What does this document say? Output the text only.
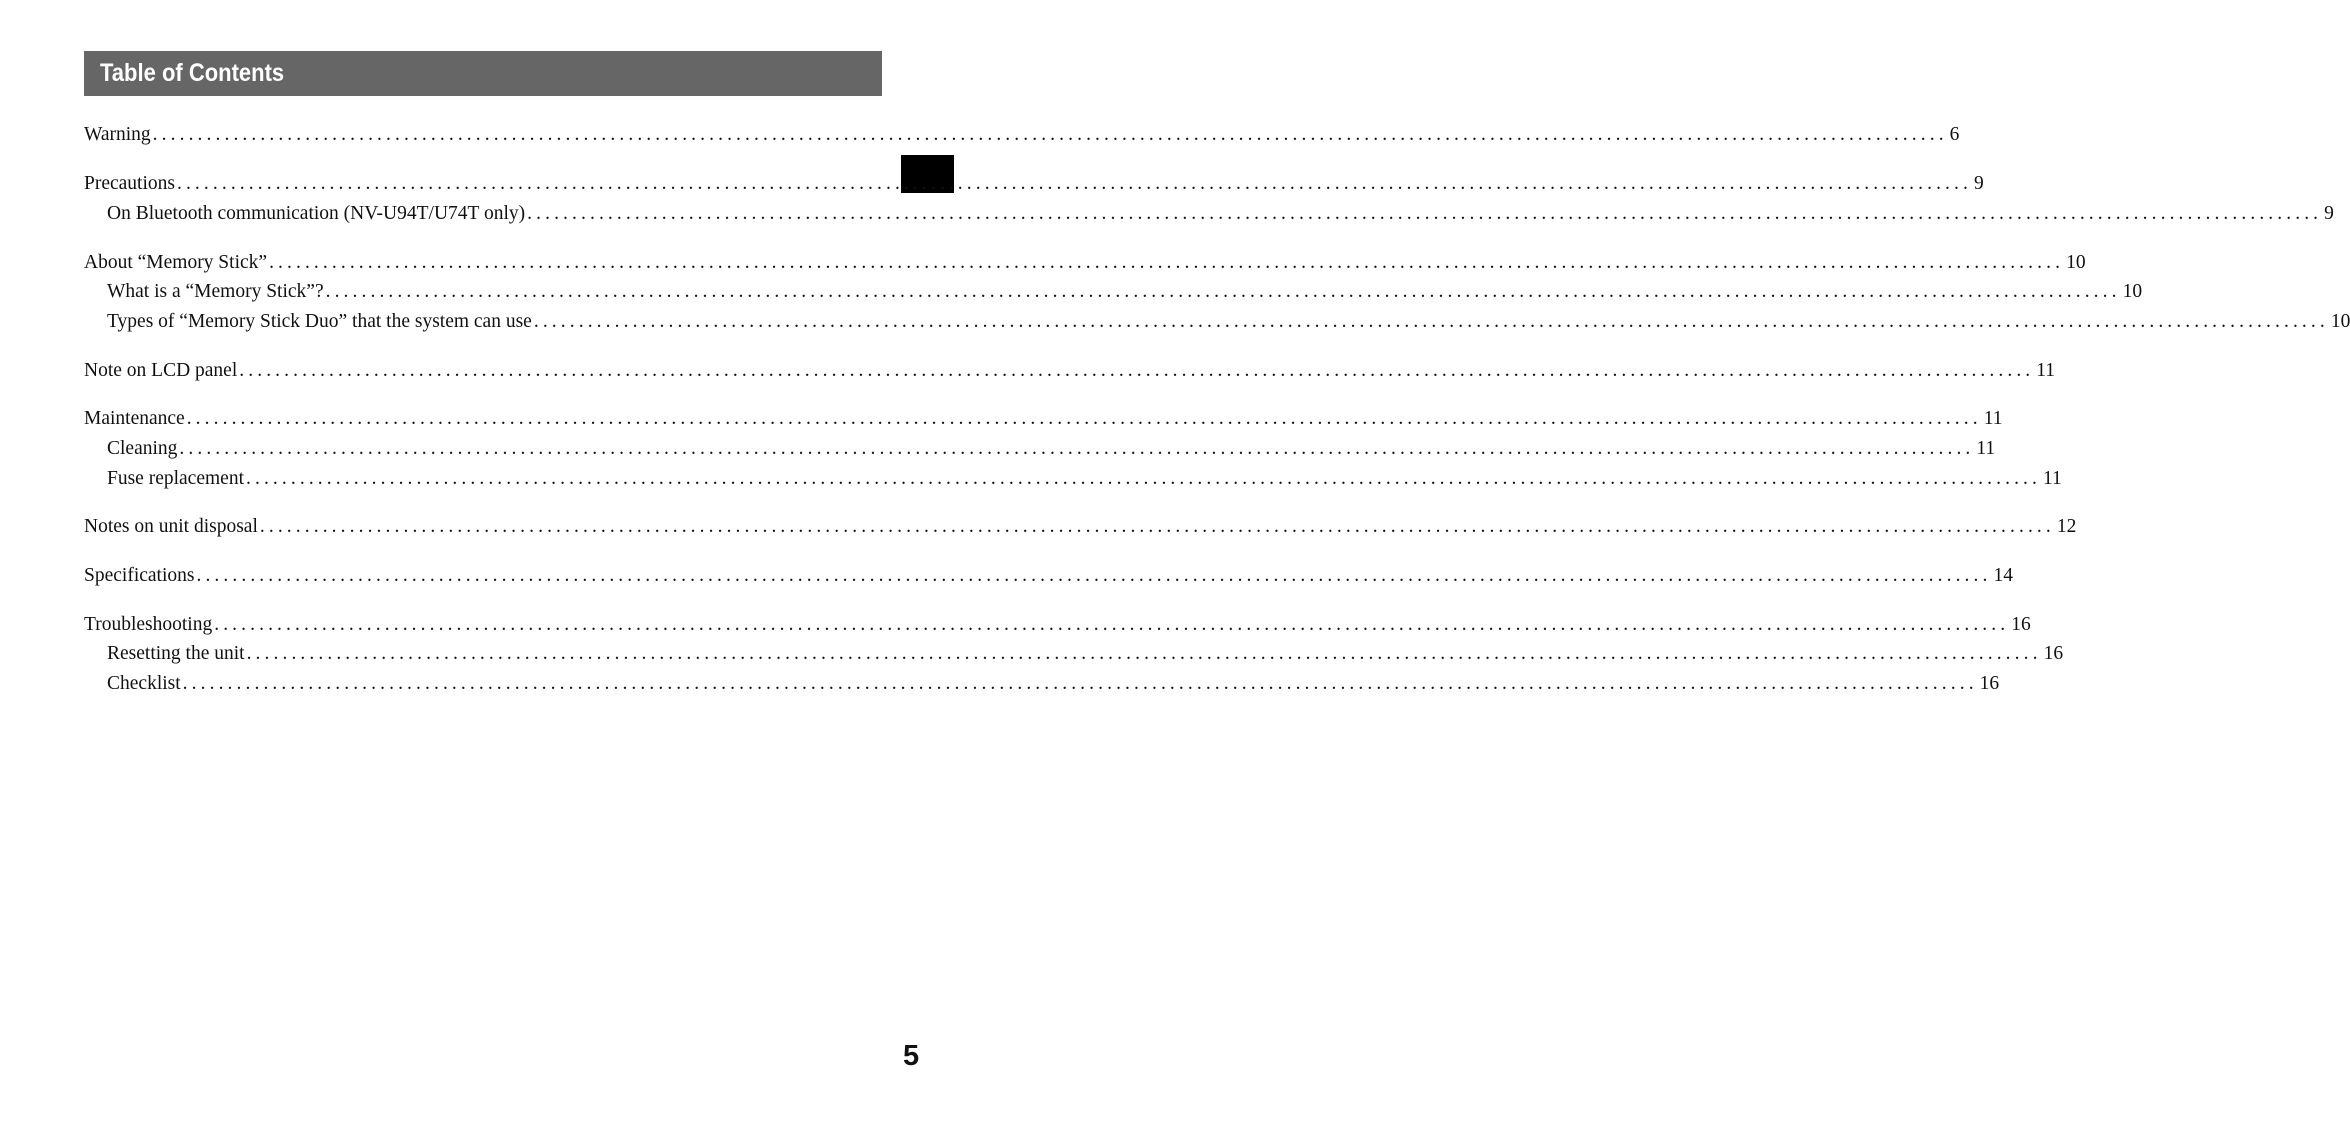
Table of Contents
Warning ........................................................................................................................................................................................................ 6
Precautions ........................................................................................................................................................................................................ 9
On Bluetooth communication (NV-U94T/U74T only) ........................................................................................................................................................................................................ 9
About “Memory Stick” ........................................................................................................................................................................................................ 10
What is a “Memory Stick”? ........................................................................................................................................................................................................ 10
Types of “Memory Stick Duo” that the system can use ........................................................................................................................................................................................................ 10
Note on LCD panel ........................................................................................................................................................................................................ 11
Maintenance ........................................................................................................................................................................................................ 11
Cleaning ........................................................................................................................................................................................................ 11
Fuse replacement ........................................................................................................................................................................................................ 11
Notes on unit disposal ........................................................................................................................................................................................................ 12
Specifications ........................................................................................................................................................................................................ 14
Troubleshooting ........................................................................................................................................................................................................ 16
Resetting the unit ........................................................................................................................................................................................................ 16
Checklist ........................................................................................................................................................................................................ 16
5
